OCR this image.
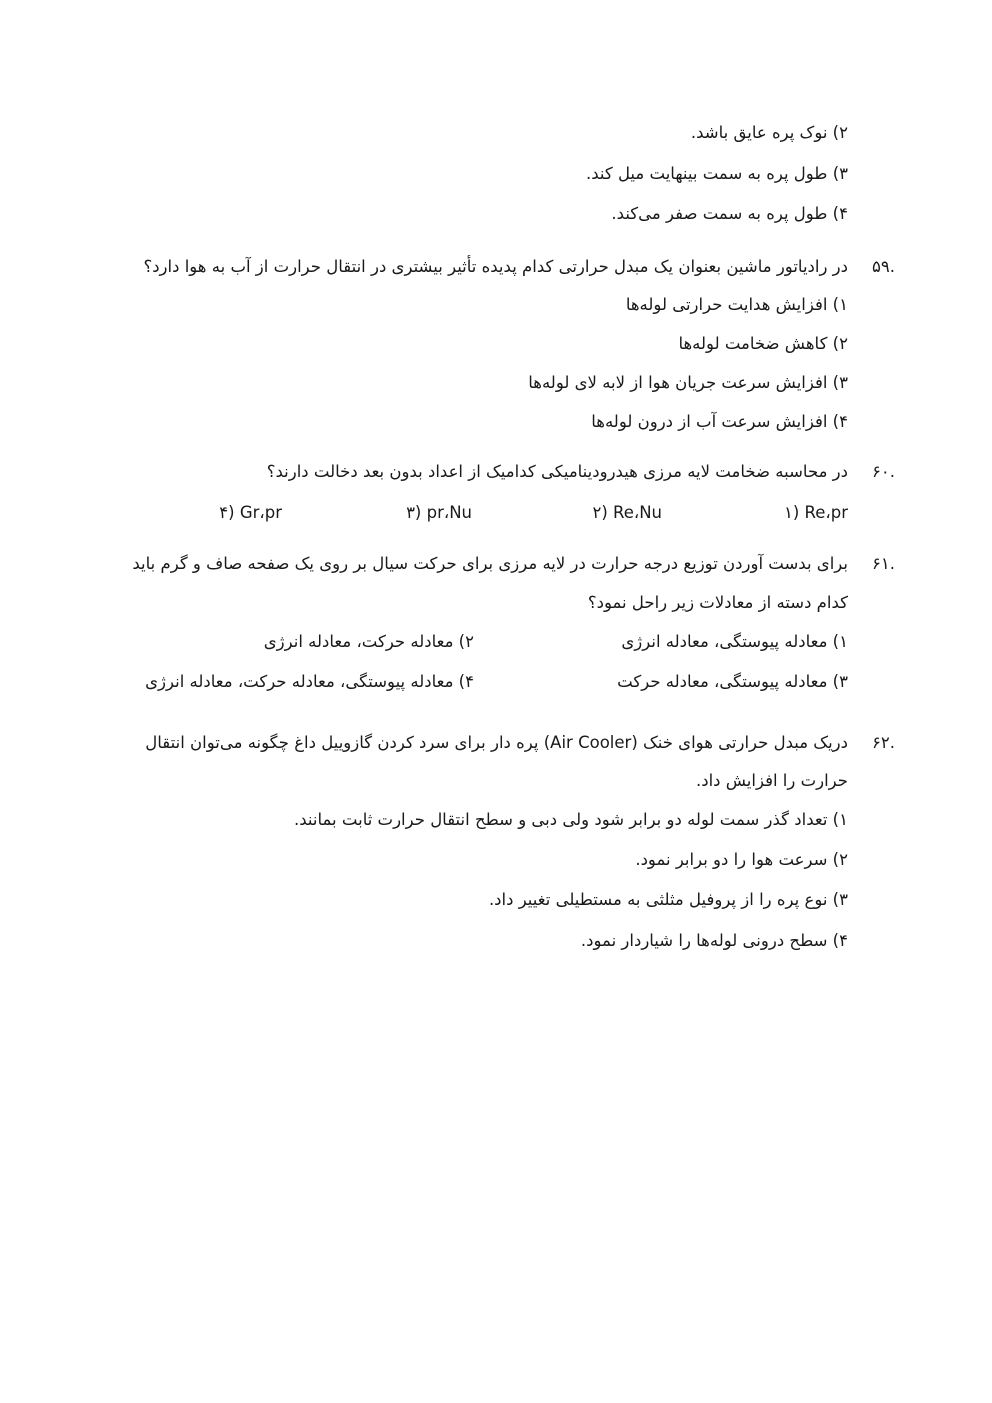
۲) نوک پره عایق باشد.
۳) طول پره به سمت بینهایت میل کند.
۴) طول پره به سمت صفر می‌کند.
۵۹.
در رادیاتور ماشین بعنوان یک مبدل حرارتی کدام پدیده تأثیر بیشتری در انتقال حرارت از آب به هوا دارد؟
۱) افزایش هدایت حرارتی لوله‌ها
۲) کاهش ضخامت لوله‌ها
۳) افزایش سرعت جریان هوا از لابه لای لوله‌ها
۴) افزایش سرعت آب از درون لوله‌ها
۶۰.
در محاسبه ضخامت لایه مرزی هیدرودینامیکی کدامیک از اعداد بدون بعد دخالت دارند؟
۱) Re،pr
۲) Re،Nu
۳) pr،Nu
۴) Gr،pr
۶۱.
برای بدست آوردن توزیع درجه حرارت در لایه مرزی برای حرکت سیال بر روی یک صفحه صاف و گرم باید
کدام دسته از معادلات زیر راحل نمود؟
۱) معادله پیوستگی، معادله انرژی
۲) معادله حرکت، معادله انرژی
۳) معادله پیوستگی، معادله حرکت
۴) معادله پیوستگی، معادله حرکت، معادله انرژی
۶۲.
دریک مبدل حرارتی هوای خنک (Air Cooler) پره دار برای سرد کردن گازوییل داغ چگونه می‌توان انتقال
حرارت را افزایش داد.
۱) تعداد گذر سمت لوله دو برابر شود ولی دبی و سطح انتقال حرارت ثابت بمانند.
۲) سرعت هوا را دو برابر نمود.
۳) نوع پره را از پروفیل مثلثی به مستطیلی تغییر داد.
۴) سطح درونی لوله‌ها را شیاردار نمود.
